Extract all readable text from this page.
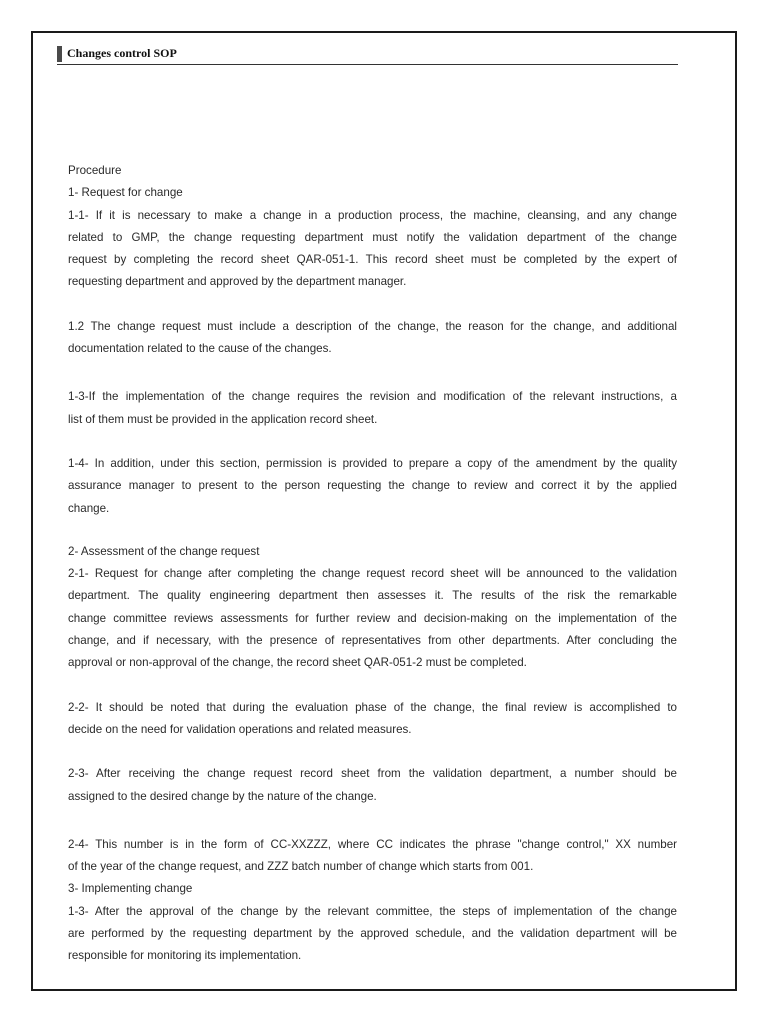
Changes control SOP
Procedure
1- Request for change
1-1- If it is necessary to make a change in a production process, the machine, cleansing, and any change
related to GMP, the change requesting department must notify the validation department of the change
request by completing the record sheet QAR-051-1. This record sheet must be completed by the expert of
requesting department and approved by the department manager.
1.2 The change request must include a description of the change, the reason for the change, and additional
documentation related to the cause of the changes.
1-3-If the implementation of the change requires the revision and modification of the relevant instructions, a
list of them must be provided in the application record sheet.
1-4- In addition, under this section, permission is provided to prepare a copy of the amendment by the quality
assurance manager to present to the person requesting the change to review and correct it by the applied
change.
2- Assessment of the change request
2-1- Request for change after completing the change request record sheet will be announced to the validation
department. The quality engineering department then assesses it. The results of the risk the remarkable
change committee reviews assessments for further review and decision-making on the implementation of the
change, and if necessary, with the presence of representatives from other departments. After concluding the
approval or non-approval of the change, the record sheet QAR-051-2 must be completed.
2-2- It should be noted that during the evaluation phase of the change, the final review is accomplished to
decide on the need for validation operations and related measures.
2-3- After receiving the change request record sheet from the validation department, a number should be
assigned to the desired change by the nature of the change.
2-4- This number is in the form of CC-XXZZZ, where CC indicates the phrase "change control," XX number
of the year of the change request, and ZZZ batch number of change which starts from 001.
3- Implementing change
1-3- After the approval of the change by the relevant committee, the steps of implementation of the change
are performed by the requesting department by the approved schedule, and the validation department will be
responsible for monitoring its implementation.
